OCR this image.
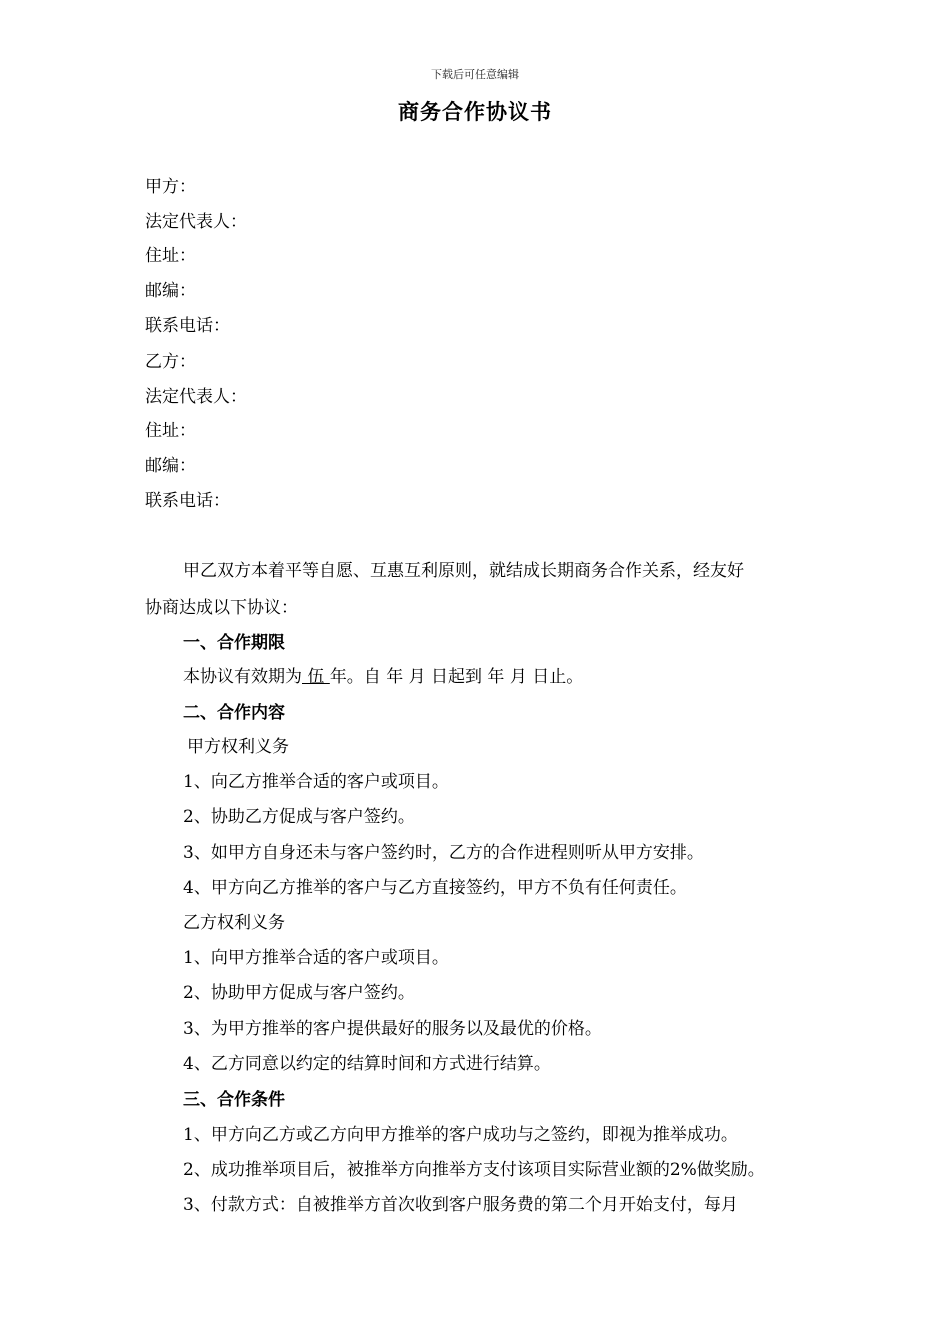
下载后可任意编辑
商务合作协议书
甲方：
法定代表人：
住址：
邮编：
联系电话：
乙方：
法定代表人：
住址：
邮编：
联系电话：
甲乙双方本着平等自愿、互惠互利原则，就结成长期商务合作关系，经友好
协商达成以下协议：
一、合作期限
本协议有效期为 伍 年。自 年 月 日起到 年 月 日止。
二、合作内容
甲方权利义务
1、向乙方推举合适的客户或项目。
2、协助乙方促成与客户签约。
3、如甲方自身还未与客户签约时，乙方的合作进程则听从甲方安排。
4、甲方向乙方推举的客户与乙方直接签约，甲方不负有任何责任。
乙方权利义务
1、向甲方推举合适的客户或项目。
2、协助甲方促成与客户签约。
3、为甲方推举的客户提供最好的服务以及最优的价格。
4、乙方同意以约定的结算时间和方式进行结算。
三、合作条件
1、甲方向乙方或乙方向甲方推举的客户成功与之签约，即视为推举成功。
2、成功推举项目后，被推举方向推举方支付该项目实际营业额的2%做奖励。
3、付款方式：自被推举方首次收到客户服务费的第二个月开始支付，每月
